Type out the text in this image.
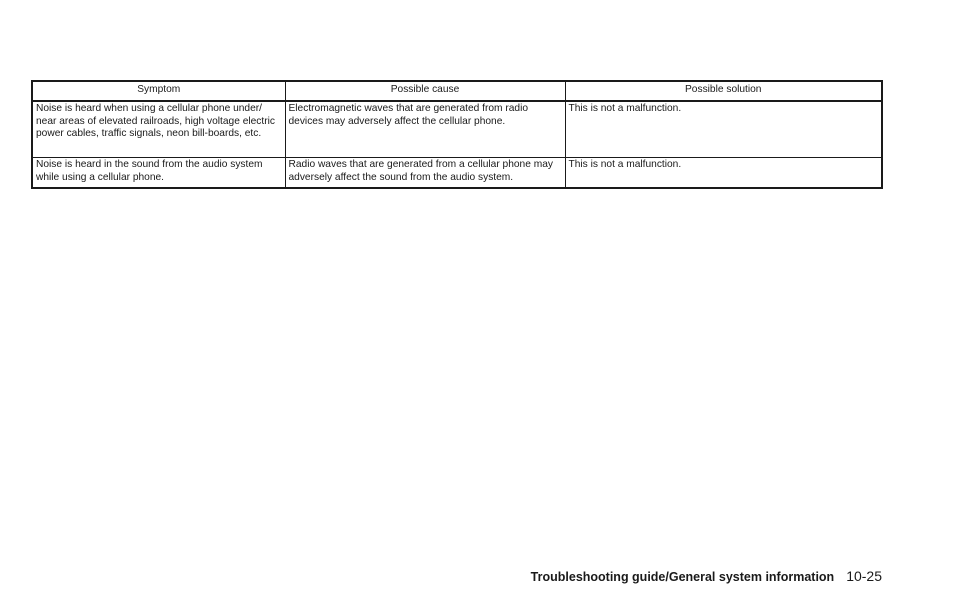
Symptom	Possible cause	Possible solution
Noise is heard when using a cellular phone under/ near areas of elevated railroads, high voltage electric power cables, traffic signals, neon bill-boards, etc.	Electromagnetic waves that are generated from radio devices may adversely affect the cellular phone.	This is not a malfunction.
Noise is heard in the sound from the audio system while using a cellular phone.	Radio waves that are generated from a cellular phone may adversely affect the sound from the audio system.	This is not a malfunction.
Troubleshooting guide/General system information 10-25
